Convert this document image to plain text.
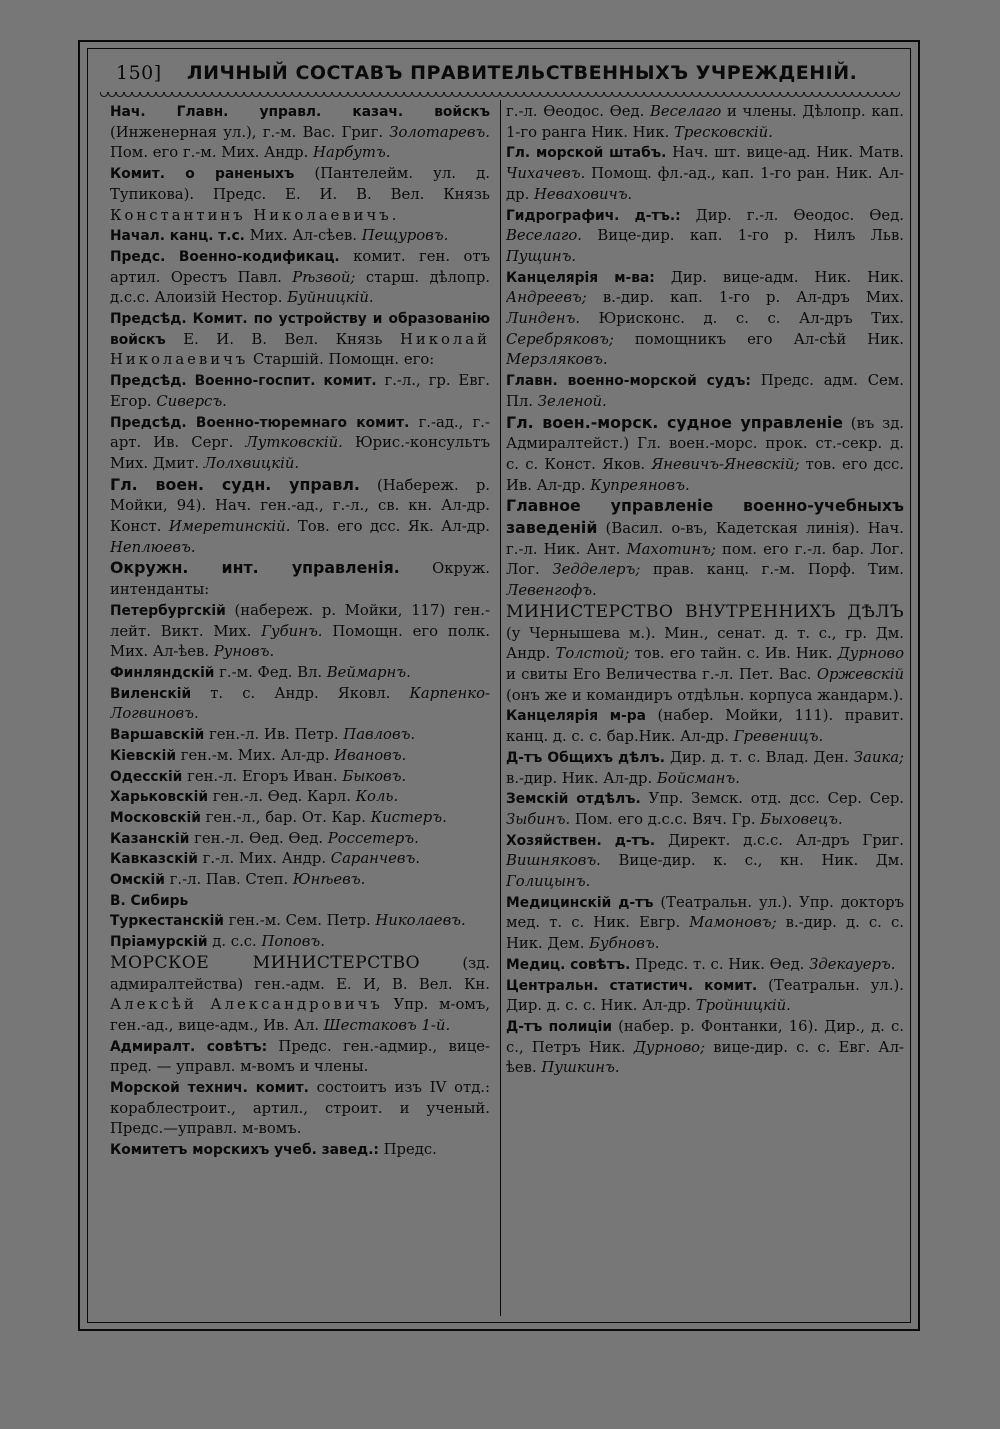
150] ЛИЧНЫЙ СОСТАВЪ ПРАВИТЕЛЬСТВЕННЫХЪ УЧРЕЖДЕНІЙ.

Нач. Главн. управл. казач. войскъ (Инженерная ул.), г.-м. Вас. Григ. Золотаревъ. Пом. его г.-м. Мих. Андр. Нарбутъ.

Комит. о раненыхъ (Пантелейм. ул. д. Тупикова). Предс. Е. И. В. Вел. Князь Константинъ Николаевичъ.

Начал. канц. т.с. Мих. Ал-сѣев. Пещуровъ.

Предс. Военно-кодификац. комит. ген. отъ артил. Орестъ Павл. Рѣзвой; старш. дѣлопр. д.с.с. Алоизій Нестор. Буйницкій.

Предсѣд. Комит. по устройству и образованію войскъ Е. И. В. Вел. Князь Николай Николаевичъ Старшій. Помощн. его:

Предсѣд. Военно-госпит. комит. г.-л., гр. Евг. Егор. Сиверсъ.

Предсѣд. Военно-тюремнаго комит. г.-ад., г.-арт. Ив. Серг. Лутковскій. Юрис.-консультъ Мих. Дмит. Лолхвицкій.

Гл. воен. судн. управл. (Набереж. р. Мойки, 94). Нач. ген.-ад., г.-л., св. кн. Ал-др. Конст. Имеретинскій. Тов. его дсс. Як. Ал-др. Неплюевъ.

Окружн. инт. управленія. Окруж. интенданты:

Петербургскій (набереж. р. Мойки, 117) ген.-лейт. Викт. Мих. Губинъ. Помощн. его полк. Мих. Ал-ѣев. Руновъ.

Финляндскій г.-м. Фед. Вл. Веймарнъ.

Виленскій т. с. Андр. Яковл. Карпенко-Логвиновъ.

Варшавскій ген.-л. Ив. Петр. Павловъ.

Кіевскій ген.-м. Мих. Ал-др. Ивановъ.

Одесскій ген.-л. Егоръ Иван. Быковъ.

Харьковскій ген.-л. Ѳед. Карл. Коль.

Московскій ген.-л., бар. От. Кар. Кистеръ.

Казанскій ген.-л. Ѳед. Ѳед. Россетеръ.

Кавказскій г.-л. Мих. Андр. Саранчевъ.

Омскій г.-л. Пав. Степ. Юнѣевъ.

В. Сибирь

Туркестанскій ген.-м. Сем. Петр. Николаевъ.

Пріамурскій д. с.с. Поповъ.

МОРСКОЕ МИНИСТЕРСТВО (зд. адмиралтейства) ген.-адм. Е. И, В. Вел. Кн. Алексѣй Александровичъ Упр. м-омъ, ген.-ад., вице-адм., Ив. Ал. Шестаковъ 1-й.

Адмиралт. совѣтъ: Предс. ген.-адмир., вице-пред. — управл. м-вомъ и члены.

Морской технич. комит. состоитъ изъ IV отд.: кораблестроит., артил., строит. и ученый. Предс.—управл. м-вомъ.

Комитетъ морскихъ учеб. завед.: Предс.

г.-л. Ѳеодос. Ѳед. Веселаго и члены. Дѣлопр. кап. 1-го ранга Ник. Ник. Тресковскій.

Гл. морской штабъ. Нач. шт. вице-ад. Ник. Матв. Чихачевъ. Помощ. фл.-ад., кап. 1-го ран. Ник. Ал-др. Неваховичъ.

Гидрографич. д-тъ.: Дир. г.-л. Ѳеодос. Ѳед. Веселаго. Вице-дир. кап. 1-го р. Нилъ Льв. Пущинъ.

Канцелярія м-ва: Дир. вице-адм. Ник. Ник. Андреевъ; в.-дир. кап. 1-го р. Ал-дръ Мих. Линденъ. Юрисконс. д. с. с. Ал-дръ Тих. Серебряковъ; помощникъ его Ал-сѣй Ник. Мерзляковъ.

Главн. военно-морской судъ: Предс. адм. Сем. Пл. Зеленой.

Гл. воен.-морск. судное управленіе (въ зд. Адмиралтейст.) Гл. воен.-морс. прок. ст.-секр. д. с. с. Конст. Яков. Яневичъ-Яневскій; тов. его дсс. Ив. Ал-др. Купреяновъ.

Главное управленіе военно-учебныхъ заведеній (Васил. о-въ, Кадетская линія). Нач. г.-л. Ник. Ант. Махотинъ; пом. его г.-л. бар. Лог. Лог. Зедделеръ; прав. канц. г.-м. Порф. Тим. Левенгофъ.

МИНИСТЕРСТВО ВНУТРЕННИХЪ ДѢЛЪ (у Чернышева м.). Мин., сенат. д. т. с., гр. Дм. Андр. Толстой; тов. его тайн. с. Ив. Ник. Дурново и свиты Его Величества г.-л. Пет. Вас. Оржевскій (онъ же и командиръ отдѣльн. корпуса жандарм.).

Канцелярія м-ра (набер. Мойки, 111). правит. канц. д. с. с. бар.Ник. Ал-др. Гревеницъ.

Д-тъ Общихъ дѣлъ. Дир. д. т. с. Влад. Ден. Заика; в.-дир. Ник. Ал-др. Бойсманъ.

Земскій отдѣлъ. Упр. Земск. отд. дсс. Сер. Сер. Зыбинъ. Пом. его д.с.с. Вяч. Гр. Быховецъ.

Хозяйствен. д-тъ. Директ. д.с.с. Ал-дръ Григ. Вишняковъ. Вице-дир. к. с., кн. Ник. Дм. Голицынъ.

Медицинскій д-тъ (Театральн. ул.). Упр. докторъ мед. т. с. Ник. Евгр. Мамоновъ; в.-дир. д. с. с. Ник. Дем. Бубновъ.

Медиц. совѣтъ. Предс. т. с. Ник. Ѳед. Здекауеръ.

Центральн. статистич. комит. (Театральн. ул.). Дир. д. с. с. Ник. Ал-др. Тройницкій.

Д-тъ полиціи (набер. р. Фонтанки, 16). Дир., д. с. с., Петръ Ник. Дурново; вице-дир. с. с. Евг. Ал-ѣев. Пушкинъ.
